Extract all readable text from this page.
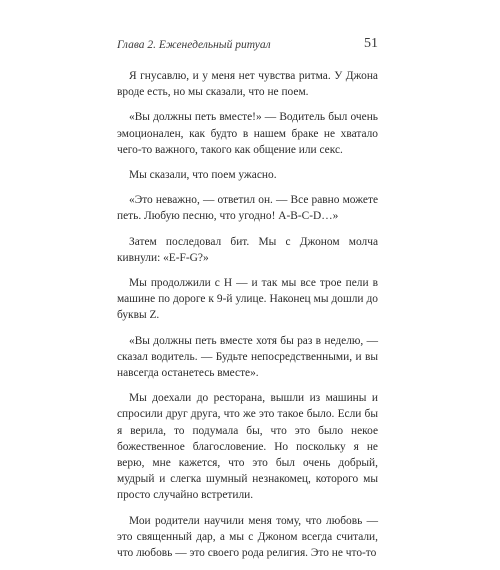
Глава 2. Еженедельный ритуал	51

Я гнусавлю, и у меня нет чувства ритма. У Джона вроде есть, но мы сказали, что не поем.

«Вы должны петь вместе!» — Водитель был очень эмоционален, как будто в нашем браке не хватало чего-то важного, такого как общение или секс.

Мы сказали, что поем ужасно.

«Это неважно, — ответил он. — Все равно можете петь. Любую песню, что угодно! A-B-C-D…»

Затем последовал бит. Мы с Джоном молча кивнули: «E-F-G?»

Мы продолжили с H — и так мы все трое пели в машине по дороге к 9-й улице. Наконец мы дошли до буквы Z.

«Вы должны петь вместе хотя бы раз в неделю, — сказал водитель. — Будьте непосредственными, и вы навсегда останетесь вместе».

Мы доехали до ресторана, вышли из машины и спросили друг друга, что же это такое было. Если бы я верила, то подумала бы, что это было некое божественное благословение. Но поскольку я не верю, мне кажется, что это был очень добрый, мудрый и слегка шумный незнакомец, которого мы просто случайно встретили.

Мои родители научили меня тому, что любовь — это священный дар, а мы с Джоном всегда считали, что любовь — это своего рода религия. Это не что-то
